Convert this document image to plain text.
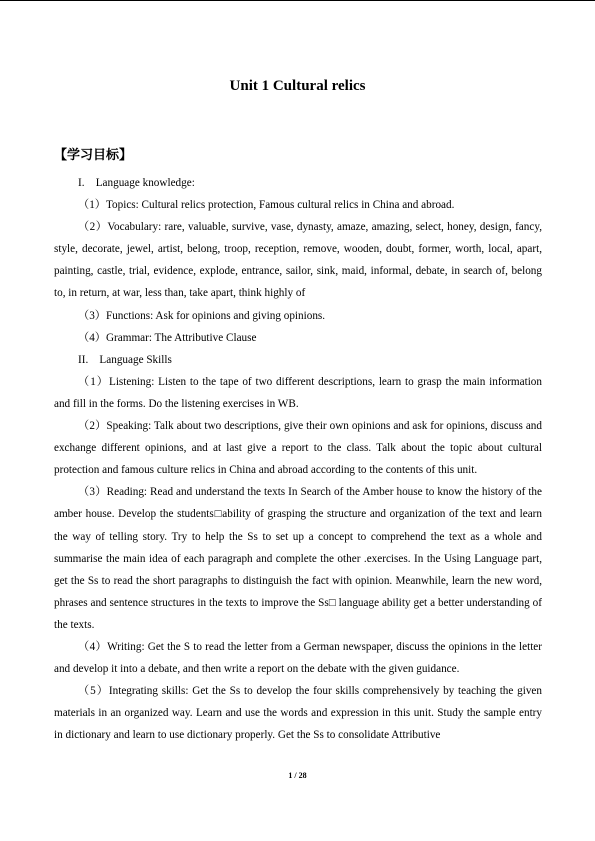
Unit 1 Cultural relics
【学习目标】

I.　Language knowledge:

（1）Topics: Cultural relics protection, Famous cultural relics in China and abroad.

（2）Vocabulary: rare, valuable, survive, vase, dynasty, amaze, amazing, select, honey, design, fancy, style, decorate, jewel, artist, belong, troop, reception, remove, wooden, doubt, former, worth, local, apart, painting, castle, trial, evidence, explode, entrance, sailor, sink, maid, informal, debate, in search of, belong to, in return, at war, less than, take apart, think highly of

（3）Functions: Ask for opinions and giving opinions.

（4）Grammar: The Attributive Clause

II.　Language Skills

（1）Listening: Listen to the tape of two different descriptions, learn to grasp the main information and fill in the forms. Do the listening exercises in WB.

（2）Speaking: Talk about two descriptions, give their own opinions and ask for opinions, discuss and exchange different opinions, and at last give a report to the class. Talk about the topic about cultural protection and famous culture relics in China and abroad according to the contents of this unit.

（3）Reading: Read and understand the texts In Search of the Amber house to know the history of the amber house. Develop the students□ability of grasping the structure and organization of the text and learn the way of telling story. Try to help the Ss to set up a concept to comprehend the text as a whole and summarise the main idea of each paragraph and complete the other .exercises. In the Using Language part, get the Ss to read the short paragraphs to distinguish the fact with opinion. Meanwhile, learn the new word, phrases and sentence structures in the texts to improve the Ss□ language ability get a better understanding of the texts.

（4）Writing: Get the S to read the letter from a German newspaper, discuss the opinions in the letter and develop it into a debate, and then write a report on the debate with the given guidance.

（5）Integrating skills: Get the Ss to develop the four skills comprehensively by teaching the given materials in an organized way. Learn and use the words and expression in this unit. Study the sample entry in dictionary and learn to use dictionary properly. Get the Ss to consolidate Attributive

1 / 28
